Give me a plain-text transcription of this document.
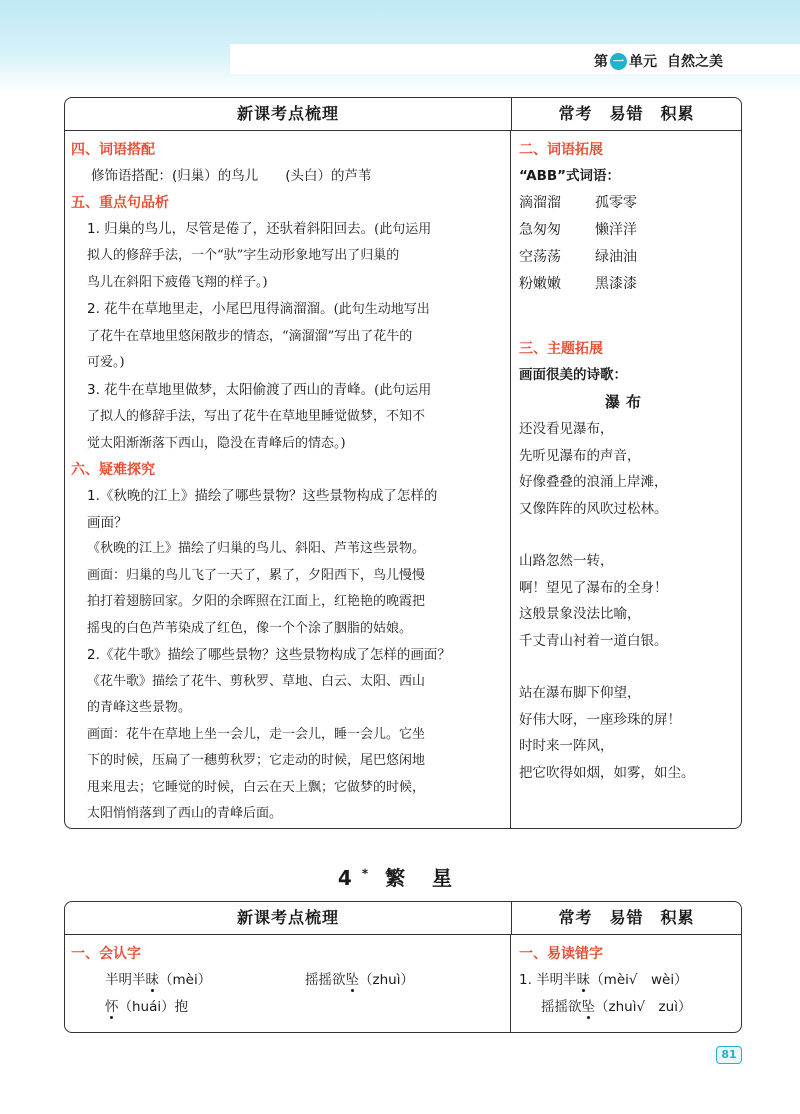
第 一 单元 自然之美
新课考点梳理	常考　易错　积累
四、词语搭配
修饰语搭配：(归巢）的鸟儿　　(头白）的芦苇
五、重点句品析
1. 归巢的鸟儿，尽管是倦了，还驮着斜阳回去。(此句运用
拟人的修辞手法，一个“驮”字生动形象地写出了归巢的
鸟儿在斜阳下疲倦飞翔的样子。)
2. 花牛在草地里走，小尾巴甩得滴溜溜。(此句生动地写出
了花牛在草地里悠闲散步的情态，“滴溜溜”写出了花牛的
可爱。)
3. 花牛在草地里做梦，太阳偷渡了西山的青峰。(此句运用
了拟人的修辞手法，写出了花牛在草地里睡觉做梦，不知不
觉太阳渐渐落下西山，隐没在青峰后的情态。)
六、疑难探究
1.《秋晚的江上》描绘了哪些景物？这些景物构成了怎样的
画面？
《秋晚的江上》描绘了归巢的鸟儿、斜阳、芦苇这些景物。
画面：归巢的鸟儿飞了一天了，累了，夕阳西下，鸟儿慢慢
拍打着翅膀回家。夕阳的余晖照在江面上，红艳艳的晚霞把
摇曳的白色芦苇染成了红色，像一个个涂了胭脂的姑娘。
2.《花牛歌》描绘了哪些景物？这些景物构成了怎样的画面？
《花牛歌》描绘了花牛、剪秋罗、草地、白云、太阳、西山
的青峰这些景物。
画面：花牛在草地上坐一会儿，走一会儿，睡一会儿。它坐
下的时候，压扁了一穗剪秋罗；它走动的时候，尾巴悠闲地
甩来甩去；它睡觉的时候，白云在天上飘；它做梦的时候，
太阳悄悄落到了西山的青峰后面。
二、词语拓展
“ABB”式词语：
滴溜溜	孤零零
急匆匆	懒洋洋
空荡荡	绿油油
粉嫩嫩	黑漆漆
三、主题拓展
画面很美的诗歌：
瀑布
还没看见瀑布，
先听见瀑布的声音，
好像叠叠的浪涌上岸滩，
又像阵阵的风吹过松林。
山路忽然一转，
啊！望见了瀑布的全身！
这般景象没法比喻，
千丈青山衬着一道白银。
站在瀑布脚下仰望，
好伟大呀，一座珍珠的屏！
时时来一阵风，
把它吹得如烟，如雾，如尘。
4* 繁 星
新课考点梳理	常考　易错　积累
一、会认字
半明半昧（mèi）	摇摇欲坠（zhuì）
怀（huái）抱
一、易读错字
1. 半明半昧（mèi√　wèi）
摇摇欲坠（zhuì√　zuì）
81
